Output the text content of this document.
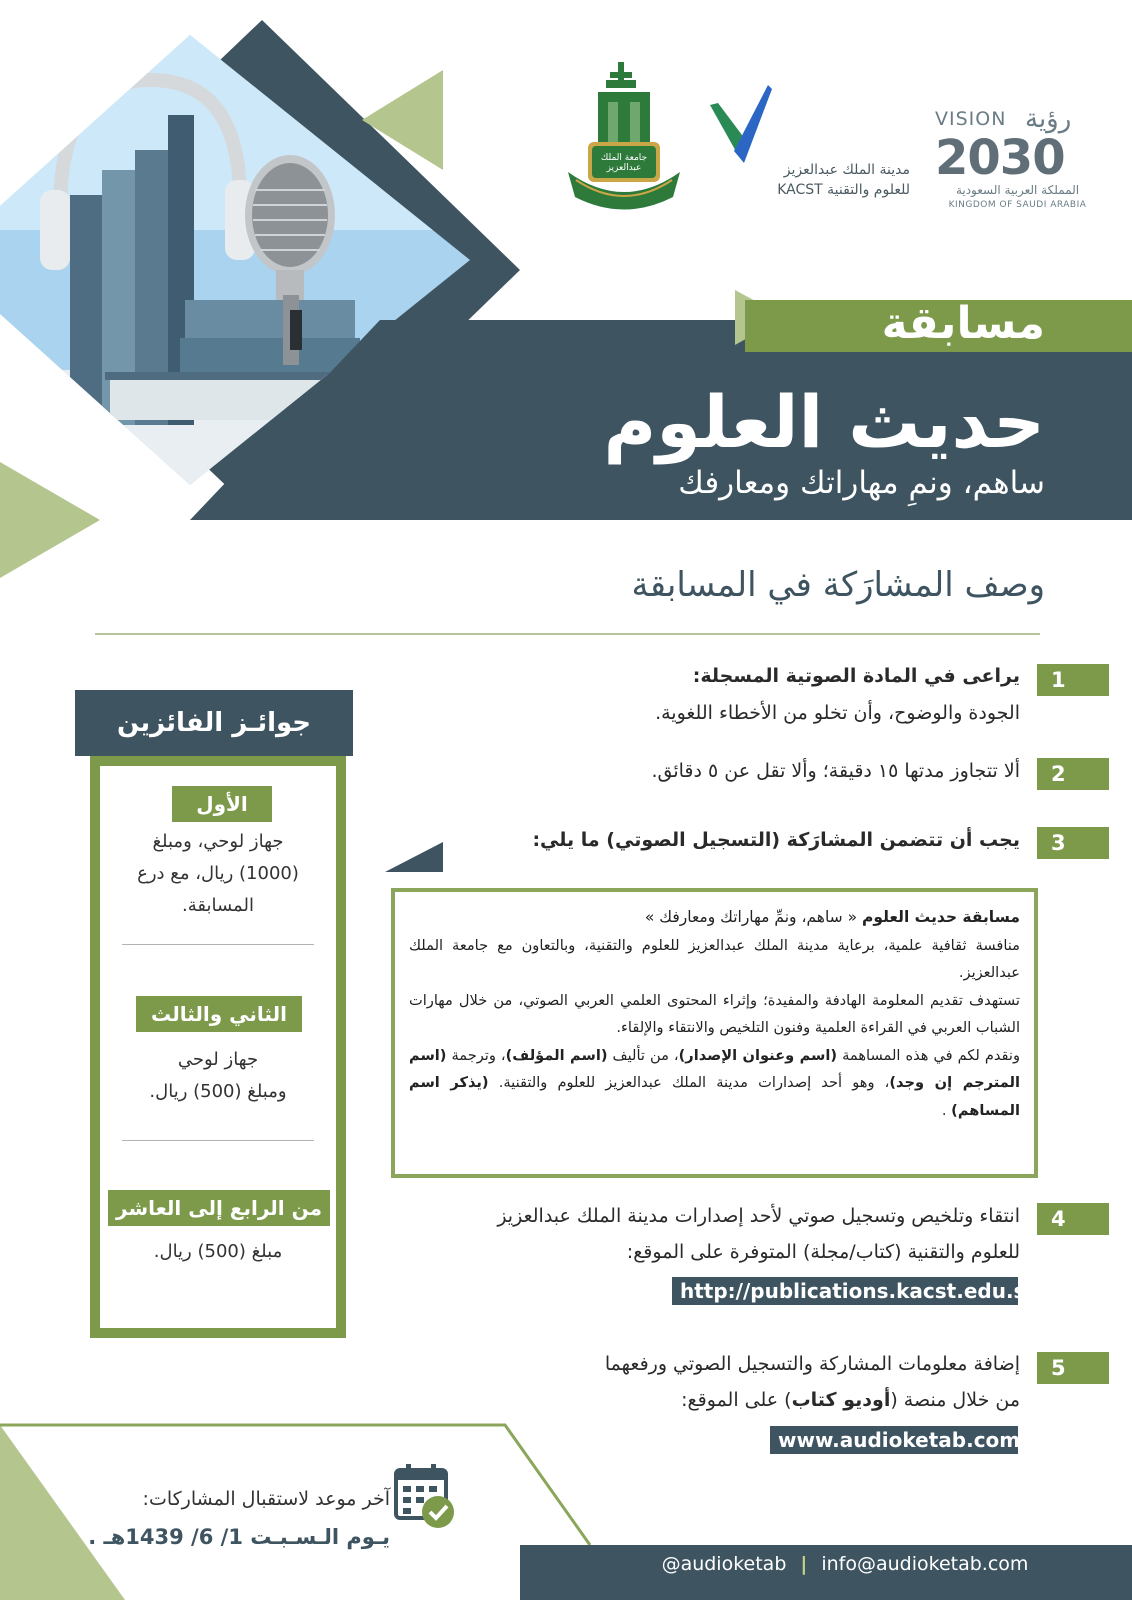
VISION رؤية
2030
المملكة العربية السعودية
KINGDOM OF SAUDI ARABIA
مدينة الملك عبدالعزيز
للعلوم والتقنية KACST
جامعة الملك عبدالعزيز
مسابقة
حديث العلوم
ساهم، ونمِ مهاراتك ومعارفك
وصف المشارَكة في المسابقة
1
يراعى في المادة الصوتية المسجلة:
الجودة والوضوح، وأن تخلو من الأخطاء اللغوية.
2
ألا تتجاوز مدتها ١٥ دقيقة؛ وألا تقل عن ٥ دقائق.
3
يجب أن تتضمن المشارَكة (التسجيل الصوتي) ما يلي:

مسابقة حديث العلوم « ساهم، ونمِّ مهاراتك ومعارفك »

منافسة ثقافية علمية، برعاية مدينة الملك عبدالعزيز للعلوم والتقنية، وبالتعاون مع جامعة الملك عبدالعزيز.

تستهدف تقديم المعلومة الهادفة والمفيدة؛ وإثراء المحتوى العلمي العربي الصوتي، من خلال مهارات الشباب العربي في القراءة العلمية وفنون التلخيص والانتقاء والإلقاء.

ونقدم لكم في هذه المساهمة (اسم وعنوان الإصدار)، من تأليف (اسم المؤلف)، وترجمة (اسم المترجم إن وجد)، وهو أحد إصدارات مدينة الملك عبدالعزيز للعلوم والتقنية. (يذكر اسم المساهم) .

4
انتقاء وتلخيص وتسجيل صوتي لأحد إصدارات مدينة الملك عبدالعزيز
للعلوم والتقنية (كتاب/مجلة) المتوفرة على الموقع:
http://publications.kacst.edu.sa
5
إضافة معلومات المشاركة والتسجيل الصوتي ورفعهما
من خلال منصة (أوديو كتاب) على الموقع:
www.audioketab.com
الأول
جهاز لوحي، ومبلغ
(1000) ريال، مع درع
المسابقة.
الثاني والثالث
جهاز لوحي
ومبلغ (500) ريال.
من الرابع إلى العاشر
مبلغ (500) ريال.
جوائـز الفائزين
آخر موعد لاستقبال المشاركات:
يـوم الـسـبـت 1/ 6/ 1439هـ .
@audioketab | info@audioketab.com
